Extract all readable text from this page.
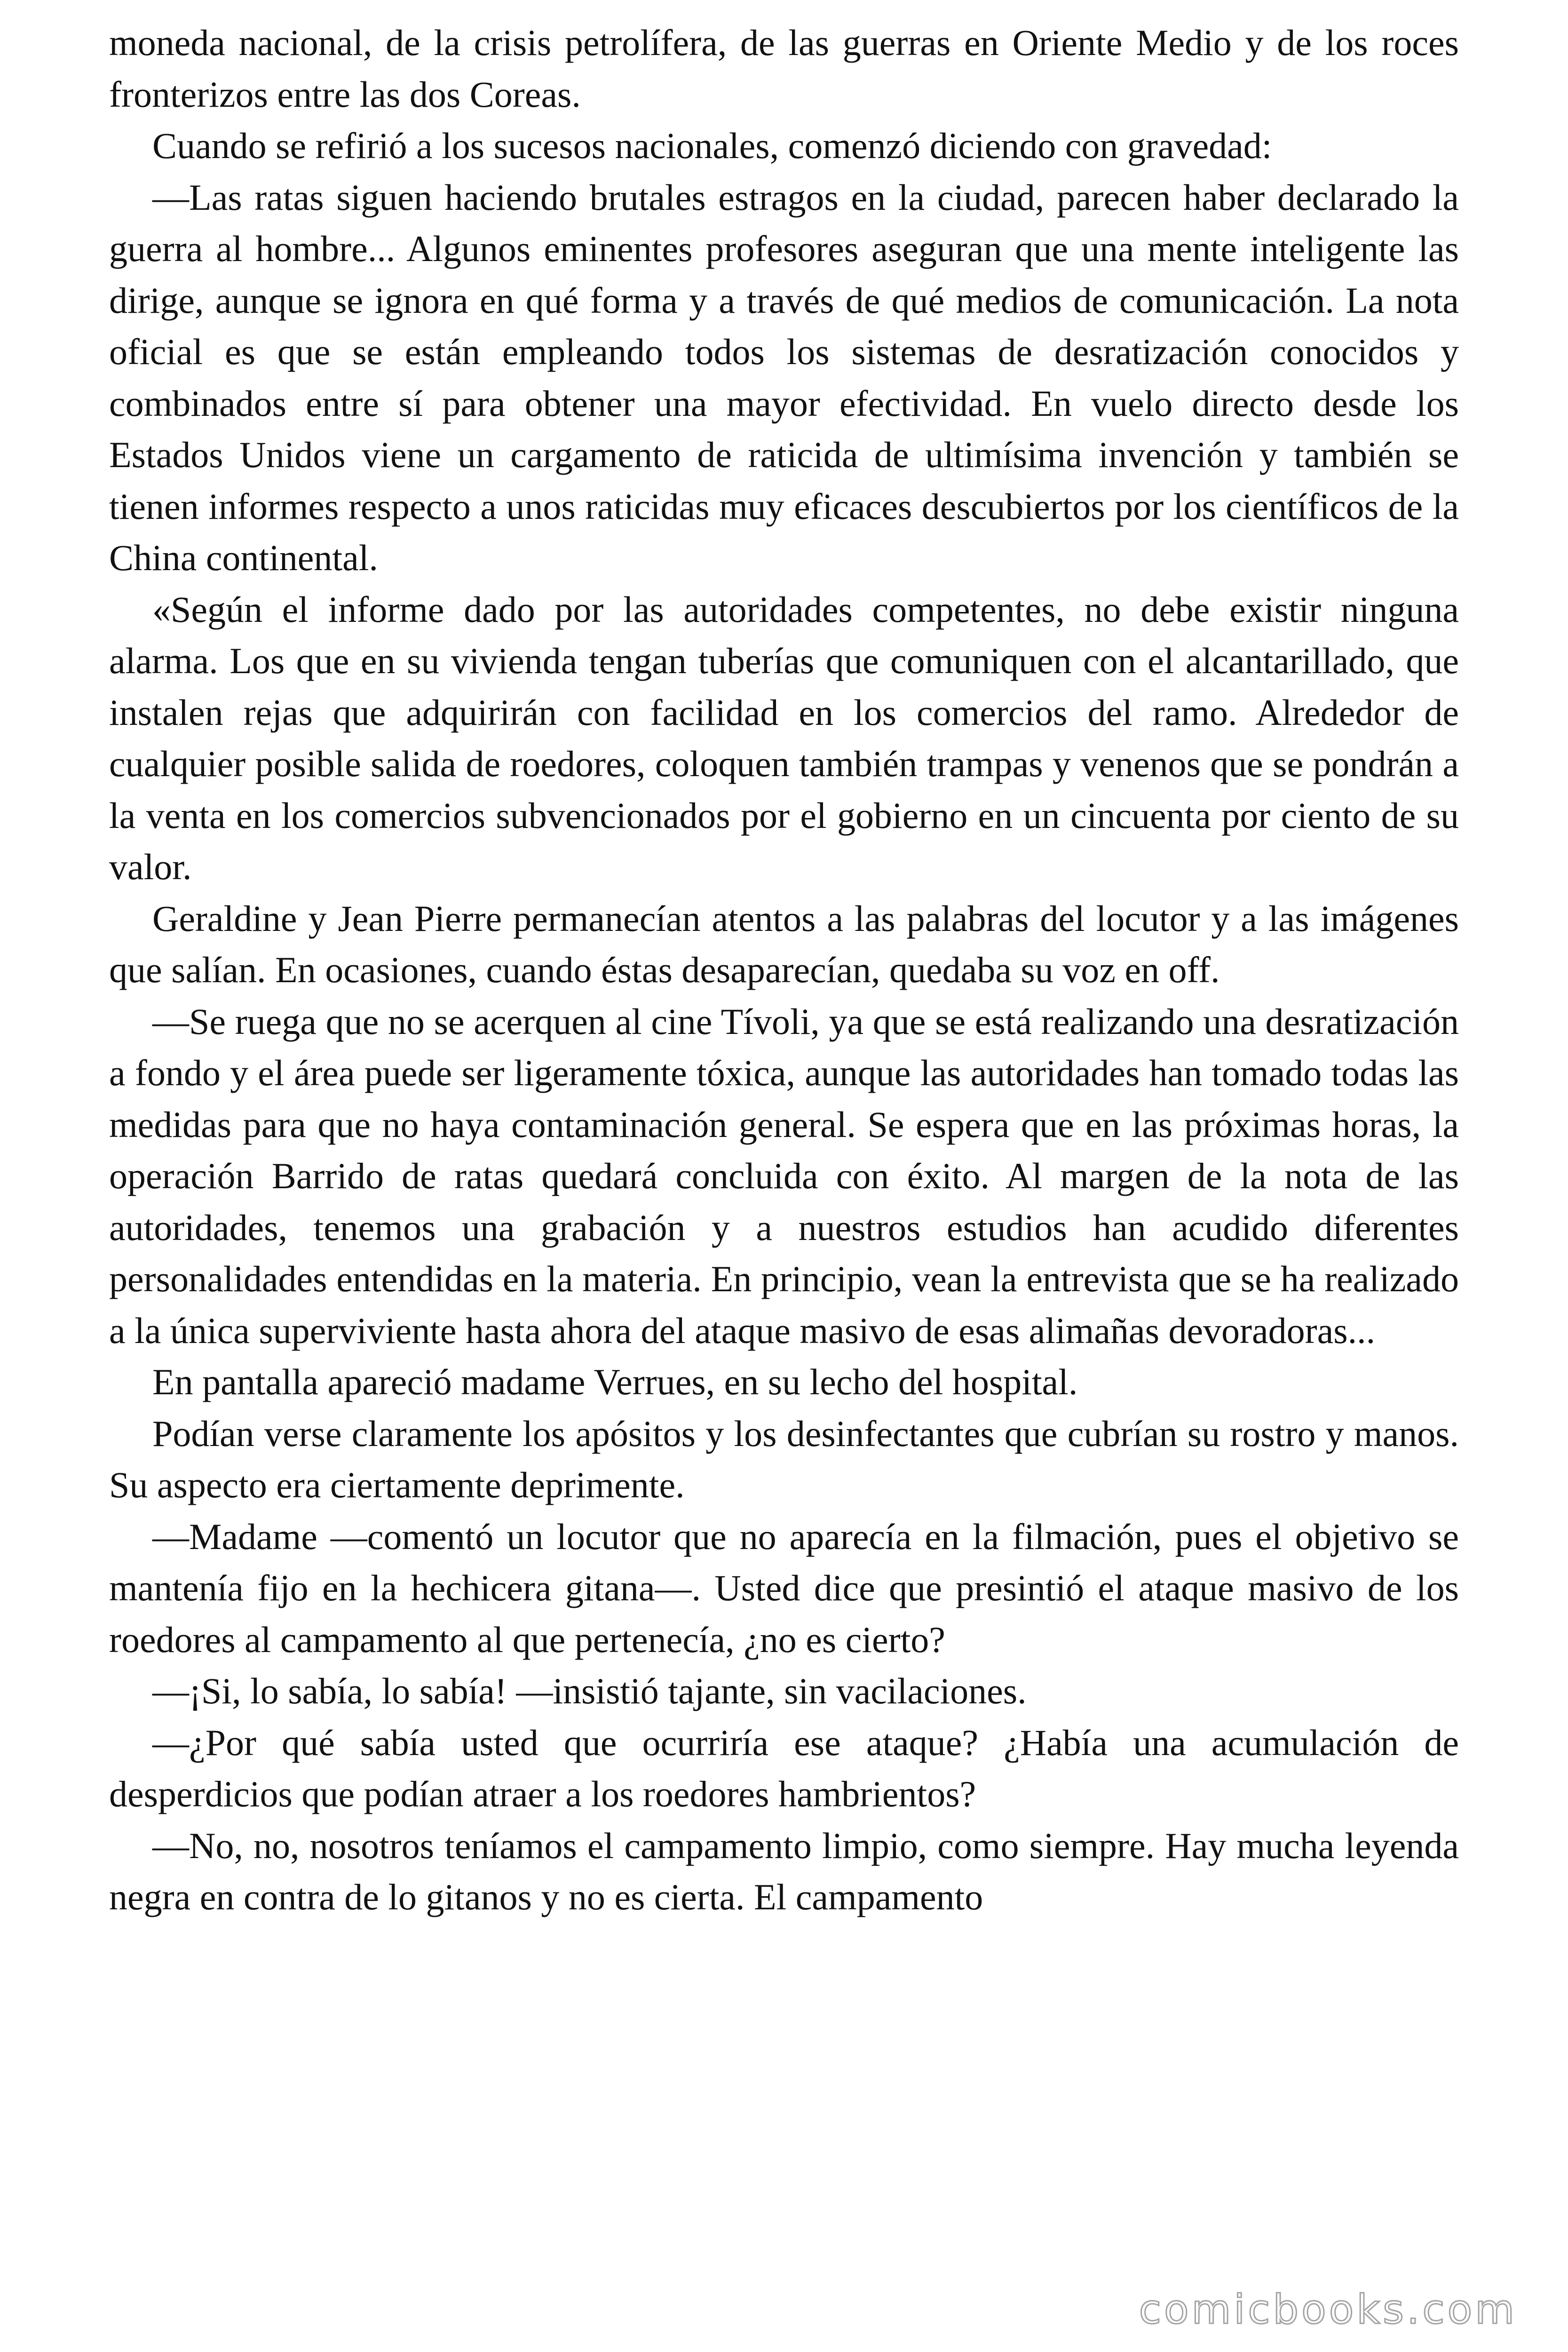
moneda nacional, de la crisis petrolífera, de las guerras en Oriente Medio y de los roces fronterizos entre las dos Coreas.

Cuando se refirió a los sucesos nacionales, comenzó diciendo con gravedad:

—Las ratas siguen haciendo brutales estragos en la ciudad, parecen haber declarado la guerra al hombre... Algunos eminentes profesores aseguran que una mente inteligente las dirige, aunque se ignora en qué forma y a través de qué medios de comunicación. La nota oficial es que se están empleando todos los sistemas de desratización conocidos y combinados entre sí para obtener una mayor efectividad. En vuelo directo desde los Estados Unidos viene un cargamento de raticida de ultimísima invención y también se tienen informes respecto a unos raticidas muy eficaces descubiertos por los científicos de la China continental.

«Según el informe dado por las autoridades competentes, no debe existir ninguna alarma. Los que en su vivienda tengan tuberías que comuniquen con el alcantarillado, que instalen rejas que adquirirán con facilidad en los comercios del ramo. Alrededor de cualquier posible salida de roedores, coloquen también trampas y venenos que se pondrán a la venta en los comercios subvencionados por el gobierno en un cincuenta por ciento de su valor.

Geraldine y Jean Pierre permanecían atentos a las palabras del locutor y a las imágenes que salían. En ocasiones, cuando éstas desaparecían, quedaba su voz en off.

—Se ruega que no se acerquen al cine Tívoli, ya que se está realizando una desratización a fondo y el área puede ser ligeramente tóxica, aunque las autoridades han tomado todas las medidas para que no haya contaminación general. Se espera que en las próximas horas, la operación Barrido de ratas quedará concluida con éxito. Al margen de la nota de las autoridades, tenemos una grabación y a nuestros estudios han acudido diferentes personalidades entendidas en la materia. En principio, vean la entrevista que se ha realizado a la única superviviente hasta ahora del ataque masivo de esas alimañas devoradoras...

En pantalla apareció madame Verrues, en su lecho del hospital.

Podían verse claramente los apósitos y los desinfectantes que cubrían su rostro y manos. Su aspecto era ciertamente deprimente.

—Madame —comentó un locutor que no aparecía en la filmación, pues el objetivo se mantenía fijo en la hechicera gitana—. Usted dice que presintió el ataque masivo de los roedores al campamento al que pertenecía, ¿no es cierto?

—¡Si, lo sabía, lo sabía! —insistió tajante, sin vacilaciones.

—¿Por qué sabía usted que ocurriría ese ataque? ¿Había una acumulación de desperdicios que podían atraer a los roedores hambrientos?

—No, no, nosotros teníamos el campamento limpio, como siempre. Hay mucha leyenda negra en contra de lo gitanos y no es cierta. El campamento

comicbooks.com
